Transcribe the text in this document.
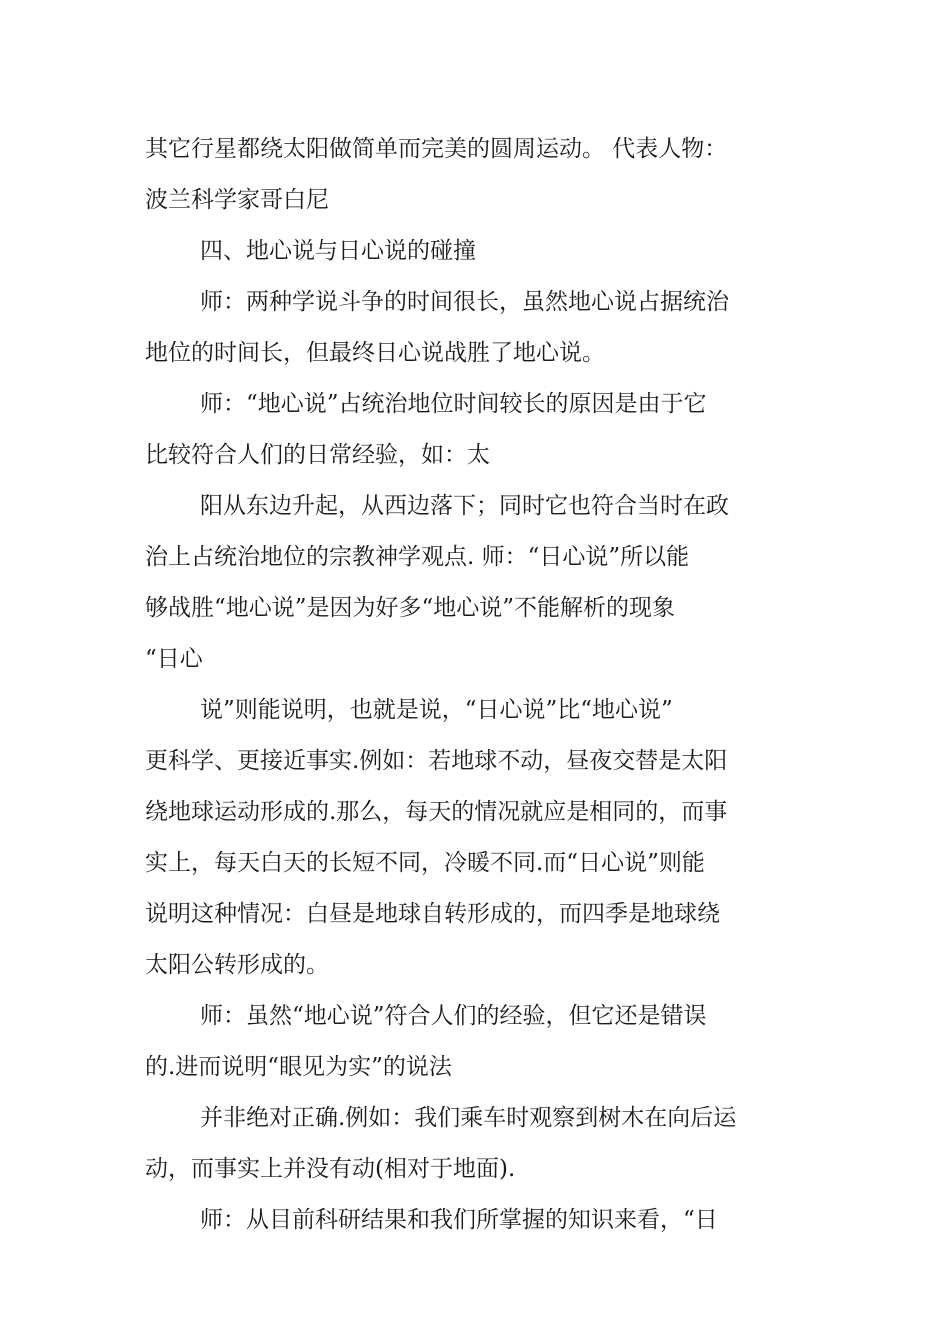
其它行星都绕太阳做简单而完美的圆周运动。 代表人物：
波兰科学家哥白尼
四、地心说与日心说的碰撞
师：两种学说斗争的时间很长，虽然地心说占据统治
地位的时间长，但最终日心说战胜了地心说。
师：“地心说”占统治地位时间较长的原因是由于它
比较符合人们的日常经验，如：太
阳从东边升起，从西边落下；同时它也符合当时在政
治上占统治地位的宗教神学观点. 师：“日心说”所以能
够战胜“地心说”是因为好多“地心说”不能解析的现象
“日心
说”则能说明，也就是说，“日心说”比“地心说”
更科学、更接近事实.例如：若地球不动，昼夜交替是太阳
绕地球运动形成的.那么，每天的情况就应是相同的，而事
实上，每天白天的长短不同，冷暖不同.而“日心说”则能
说明这种情况：白昼是地球自转形成的，而四季是地球绕
太阳公转形成的。
师：虽然“地心说”符合人们的经验，但它还是错误
的.进而说明“眼见为实”的说法
并非绝对正确.例如：我们乘车时观察到树木在向后运
动，而事实上并没有动(相对于地面).
师：从目前科研结果和我们所掌握的知识来看，“日
